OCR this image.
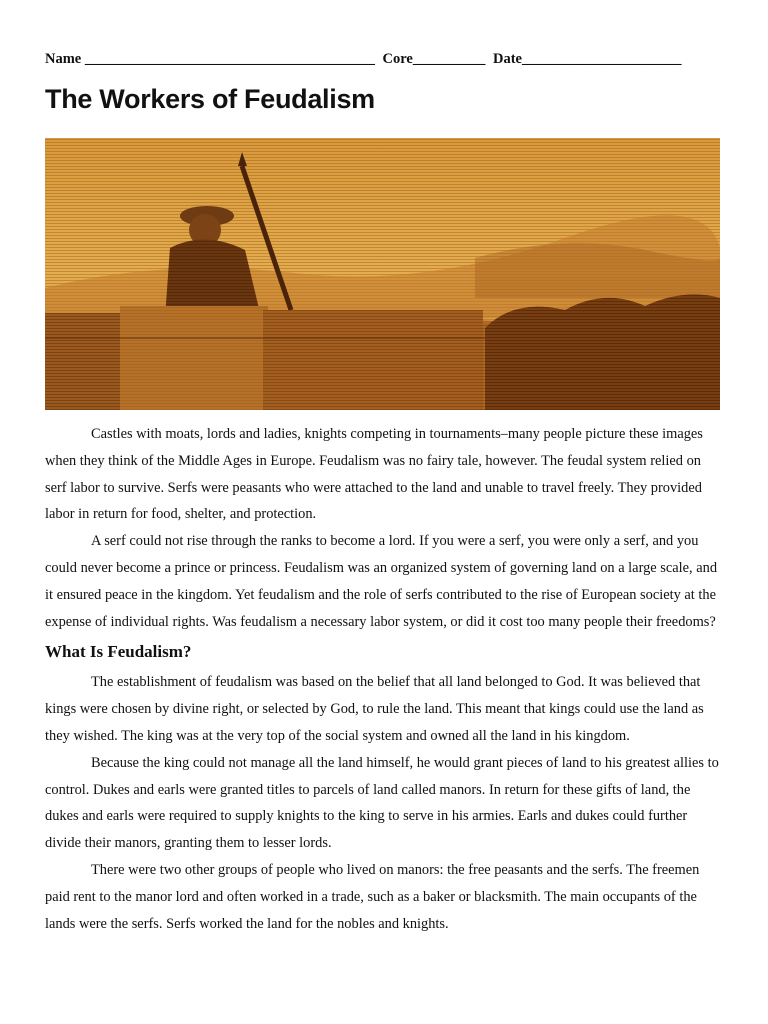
Name ________________________________________ Core__________ Date______________________
The Workers of Feudalism

Castles with moats, lords and ladies, knights competing in tournaments–many people picture these images when they think of the Middle Ages in Europe. Feudalism was no fairy tale, however. The feudal system relied on serf labor to survive. Serfs were peasants who were attached to the land and unable to travel freely. They provided labor in return for food, shelter, and protection.

A serf could not rise through the ranks to become a lord. If you were a serf, you were only a serf, and you could never become a prince or princess. Feudalism was an organized system of governing land on a large scale, and it ensured peace in the kingdom. Yet feudalism and the role of serfs contributed to the rise of European society at the expense of individual rights. Was feudalism a necessary labor system, or did it cost too many people their freedoms?

What Is Feudalism?

The establishment of feudalism was based on the belief that all land belonged to God. It was believed that kings were chosen by divine right, or selected by God, to rule the land. This meant that kings could use the land as they wished. The king was at the very top of the social system and owned all the land in his kingdom.

Because the king could not manage all the land himself, he would grant pieces of land to his greatest allies to control. Dukes and earls were granted titles to parcels of land called manors. In return for these gifts of land, the dukes and earls were required to supply knights to the king to serve in his armies. Earls and dukes could further divide their manors, granting them to lesser lords.

There were two other groups of people who lived on manors: the free peasants and the serfs. The freemen paid rent to the manor lord and often worked in a trade, such as a baker or blacksmith. The main occupants of the lands were the serfs. Serfs worked the land for the nobles and knights.
